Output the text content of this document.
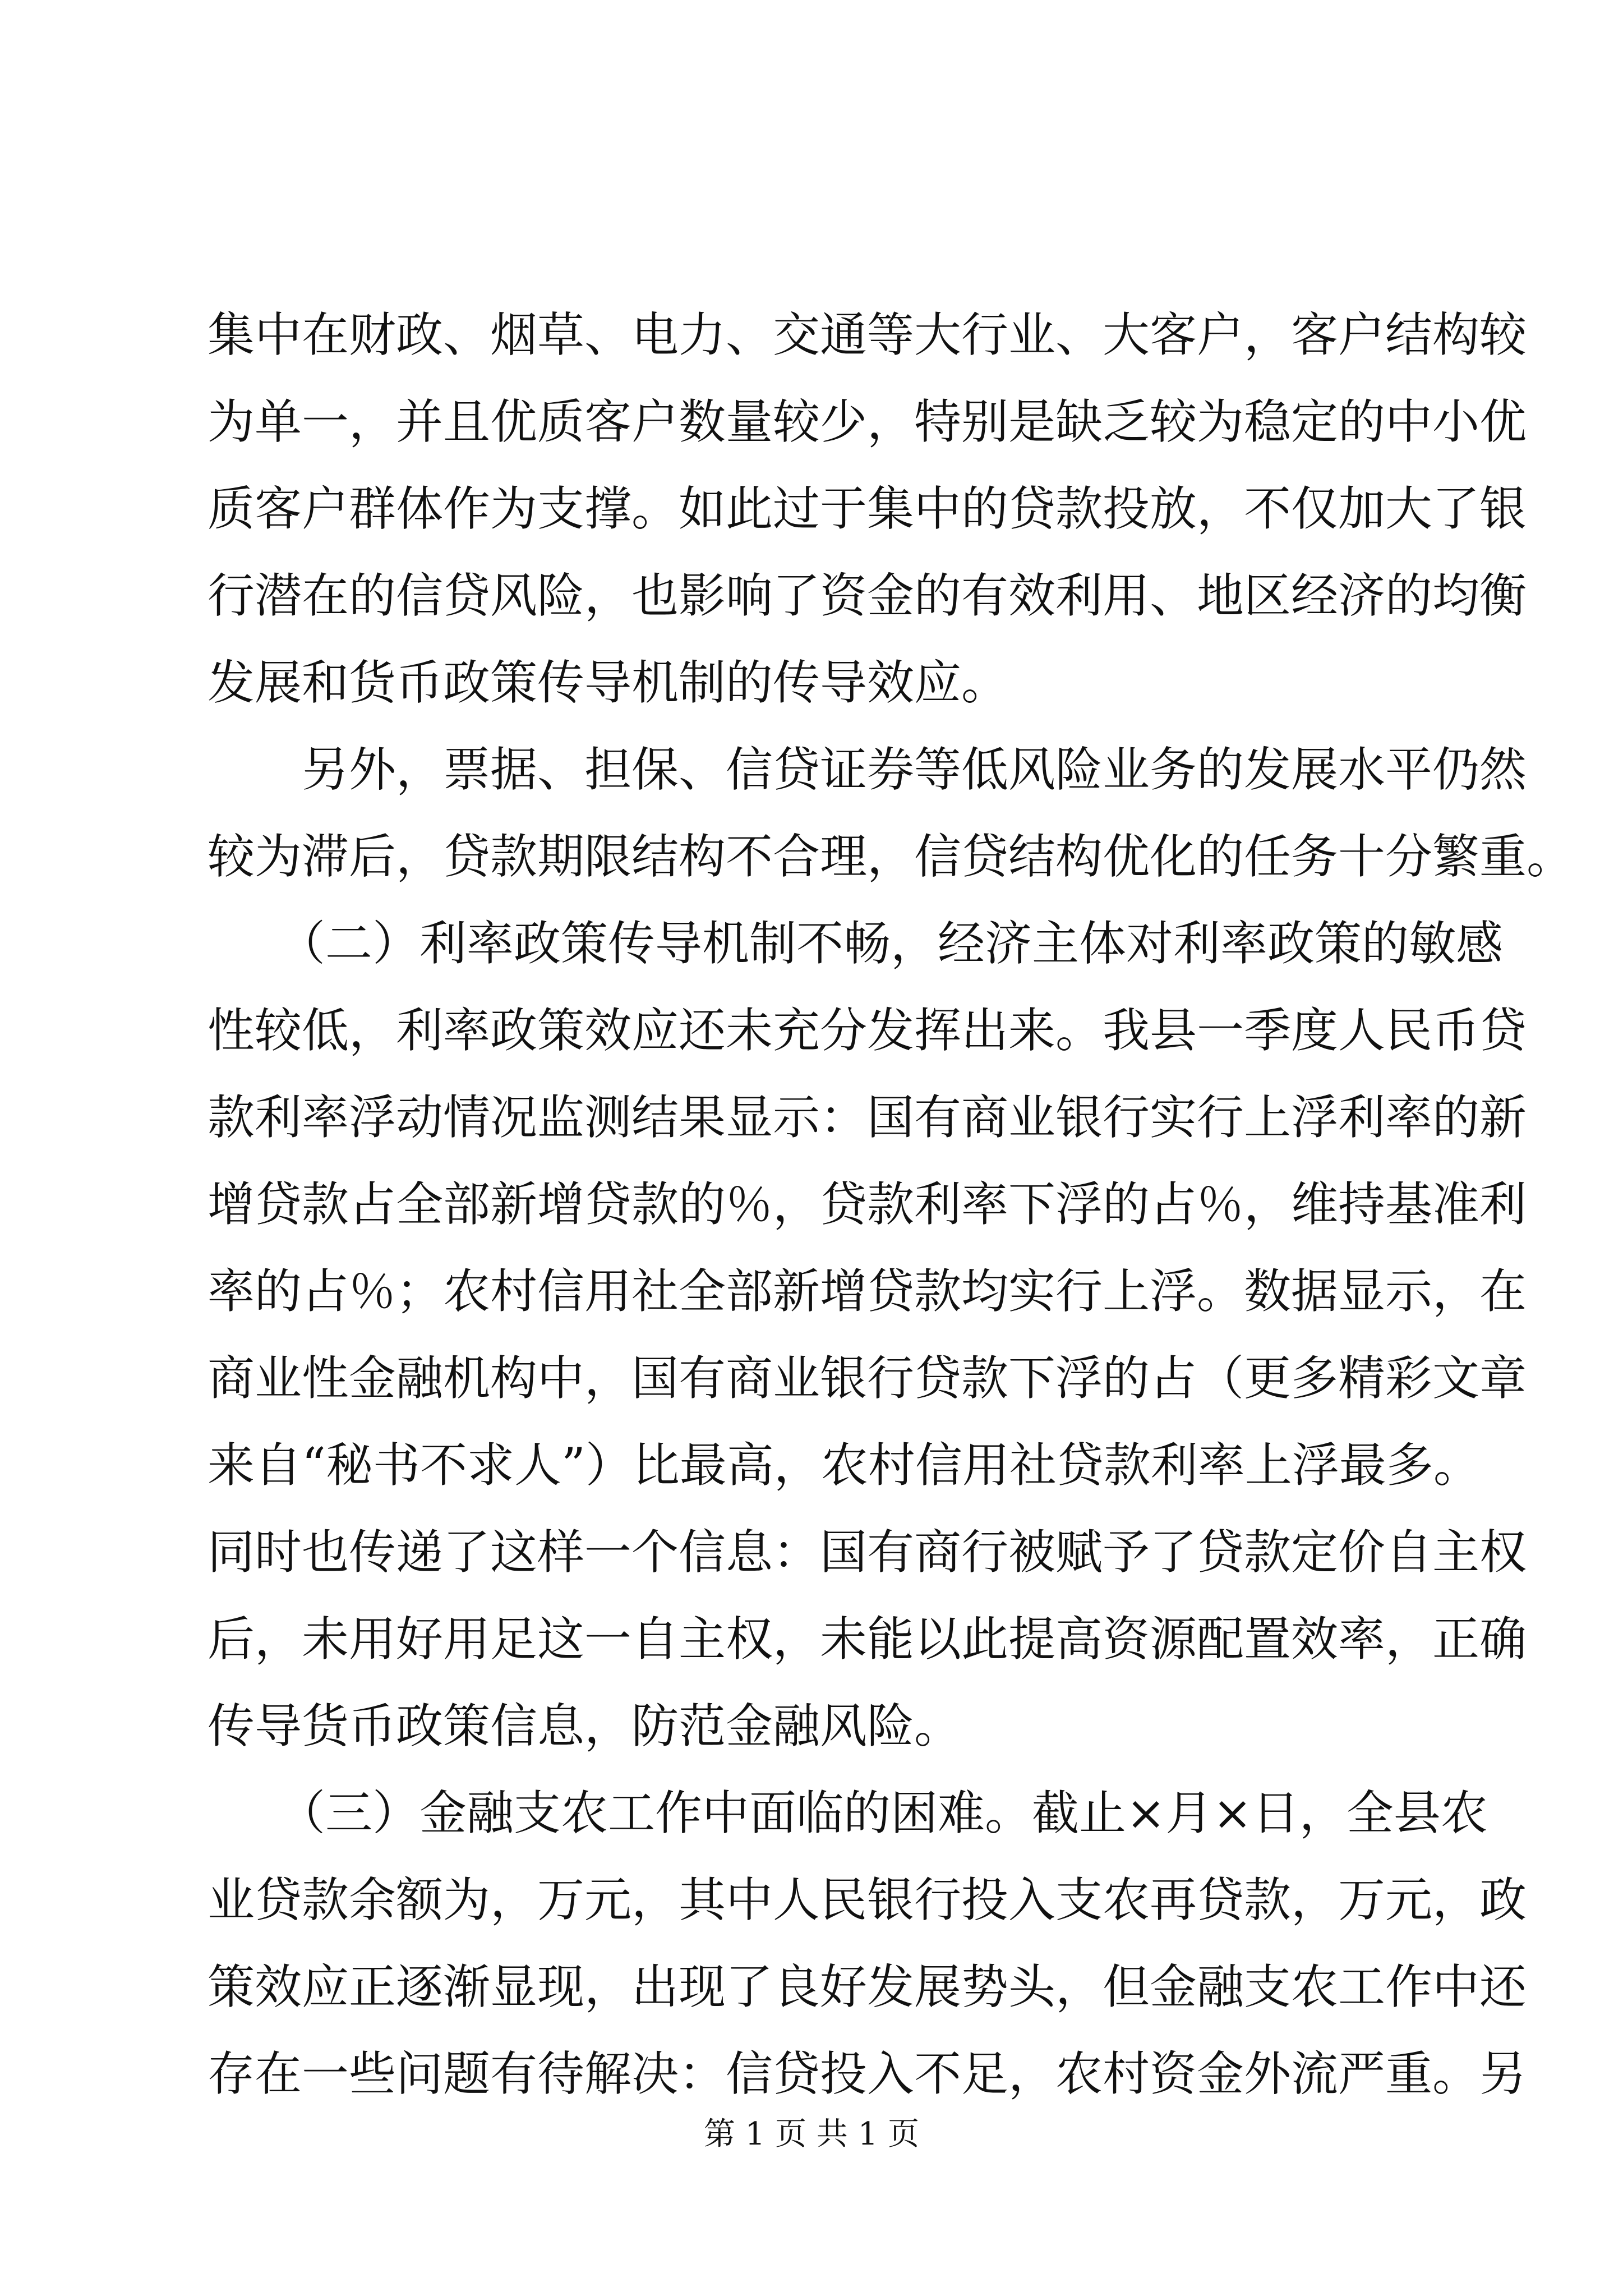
集中在财政、烟草、电力、交通等大行业、大客户，客户结构较
为单一，并且优质客户数量较少，特别是缺乏较为稳定的中小优
质客户群体作为支撑。如此过于集中的贷款投放，不仅加大了银
行潜在的信贷风险，也影响了资金的有效利用、地区经济的均衡
发展和货币政策传导机制的传导效应。
　　另外，票据、担保、信贷证券等低风险业务的发展水平仍然
较为滞后，贷款期限结构不合理，信贷结构优化的任务十分繁重。
　　（二）利率政策传导机制不畅，经济主体对利率政策的敏感
性较低，利率政策效应还未充分发挥出来。我县一季度人民币贷
款利率浮动情况监测结果显示：国有商业银行实行上浮利率的新
增贷款占全部新增贷款的％，贷款利率下浮的占％，维持基准利
率的占％；农村信用社全部新增贷款均实行上浮。数据显示，在
商业性金融机构中，国有商业银行贷款下浮的占（更多精彩文章
来自“秘书不求人”）比最高，农村信用社贷款利率上浮最多。
同时也传递了这样一个信息：国有商行被赋予了贷款定价自主权
后，未用好用足这一自主权，未能以此提高资源配置效率，正确
传导货币政策信息，防范金融风险。
　　（三）金融支农工作中面临的困难。截止×月×日，全县农
业贷款余额为，万元，其中人民银行投入支农再贷款，万元，政
策效应正逐渐显现，出现了良好发展势头，但金融支农工作中还
存在一些问题有待解决：信贷投入不足，农村资金外流严重。另
第 1 页 共 1 页
